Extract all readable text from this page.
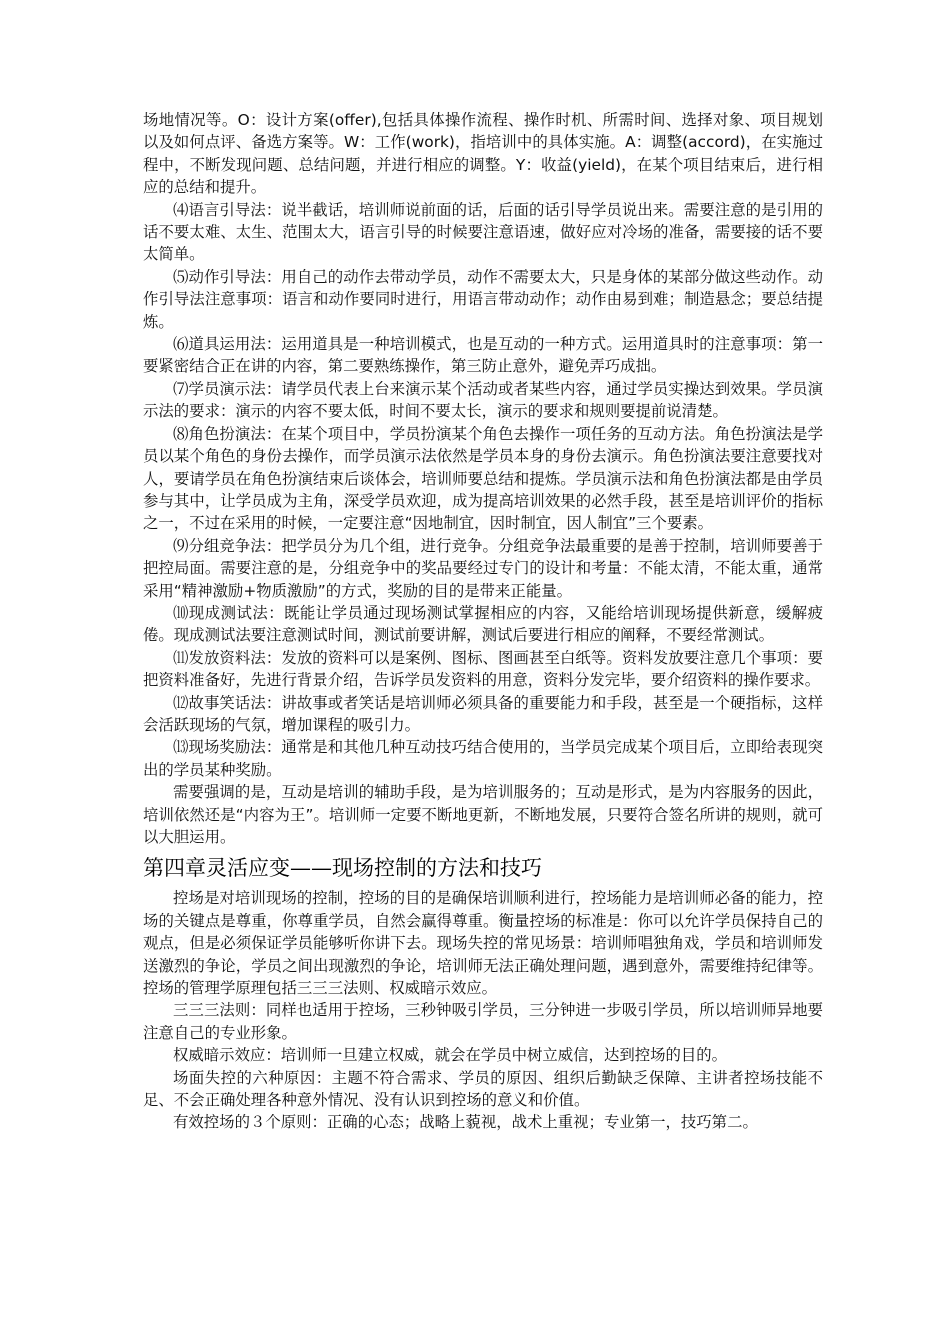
场地情况等。O：设计方案(offer),包括具体操作流程、操作时机、所需时间、选择对象、项目规划以及如何点评、备选方案等。W：工作(work)，指培训中的具体实施。A：调整(accord)，在实施过程中，不断发现问题、总结问题，并进行相应的调整。Y：收益(yield)，在某个项目结束后，进行相应的总结和提升。

⑷语言引导法：说半截话，培训师说前面的话，后面的话引导学员说出来。需要注意的是引用的话不要太难、太生、范围太大，语言引导的时候要注意语速，做好应对冷场的准备，需要接的话不要太简单。

⑸动作引导法：用自己的动作去带动学员，动作不需要太大，只是身体的某部分做这些动作。动作引导法注意事项：语言和动作要同时进行，用语言带动动作；动作由易到难；制造悬念；要总结提炼。

⑹道具运用法：运用道具是一种培训模式，也是互动的一种方式。运用道具时的注意事项：第一要紧密结合正在讲的内容，第二要熟练操作，第三防止意外，避免弄巧成拙。

⑺学员演示法：请学员代表上台来演示某个活动或者某些内容，通过学员实操达到效果。学员演示法的要求：演示的内容不要太低，时间不要太长，演示的要求和规则要提前说清楚。

⑻角色扮演法：在某个项目中，学员扮演某个角色去操作一项任务的互动方法。角色扮演法是学员以某个角色的身份去操作，而学员演示法依然是学员本身的身份去演示。角色扮演法要注意要找对人，要请学员在角色扮演结束后谈体会，培训师要总结和提炼。学员演示法和角色扮演法都是由学员参与其中，让学员成为主角，深受学员欢迎，成为提高培训效果的必然手段，甚至是培训评价的指标之一，不过在采用的时候，一定要注意“因地制宜，因时制宜，因人制宜”三个要素。

⑼分组竞争法：把学员分为几个组，进行竞争。分组竞争法最重要的是善于控制，培训师要善于把控局面。需要注意的是，分组竞争中的奖品要经过专门的设计和考量：不能太清，不能太重，通常采用“精神激励+物质激励”的方式，奖励的目的是带来正能量。

⑽现成测试法：既能让学员通过现场测试掌握相应的内容，又能给培训现场提供新意，缓解疲倦。现成测试法要注意测试时间，测试前要讲解，测试后要进行相应的阐释，不要经常测试。

⑾发放资料法：发放的资料可以是案例、图标、图画甚至白纸等。资料发放要注意几个事项：要把资料准备好，先进行背景介绍，告诉学员发资料的用意，资料分发完毕，要介绍资料的操作要求。

⑿故事笑话法：讲故事或者笑话是培训师必须具备的重要能力和手段，甚至是一个硬指标，这样会活跃现场的气氛，增加课程的吸引力。

⒀现场奖励法：通常是和其他几种互动技巧结合使用的，当学员完成某个项目后，立即给表现突出的学员某种奖励。

需要强调的是，互动是培训的辅助手段，是为培训服务的；互动是形式，是为内容服务的因此，培训依然还是“内容为王”。培训师一定要不断地更新，不断地发展，只要符合签名所讲的规则，就可以大胆运用。

第四章灵活应变——现场控制的方法和技巧

控场是对培训现场的控制，控场的目的是确保培训顺利进行，控场能力是培训师必备的能力，控场的关键点是尊重，你尊重学员，自然会赢得尊重。衡量控场的标准是：你可以允许学员保持自己的观点，但是必须保证学员能够听你讲下去。现场失控的常见场景：培训师唱独角戏，学员和培训师发送激烈的争论，学员之间出现激烈的争论，培训师无法正确处理问题，遇到意外，需要维持纪律等。控场的管理学原理包括三三三法则、权威暗示效应。

三三三法则：同样也适用于控场，三秒钟吸引学员，三分钟进一步吸引学员，所以培训师异地要注意自己的专业形象。

权威暗示效应：培训师一旦建立权威，就会在学员中树立威信，达到控场的目的。

场面失控的六种原因：主题不符合需求、学员的原因、组织后勤缺乏保障、主讲者控场技能不足、不会正确处理各种意外情况、没有认识到控场的意义和价值。

有效控场的３个原则：正确的心态；战略上藐视，战术上重视；专业第一，技巧第二。
